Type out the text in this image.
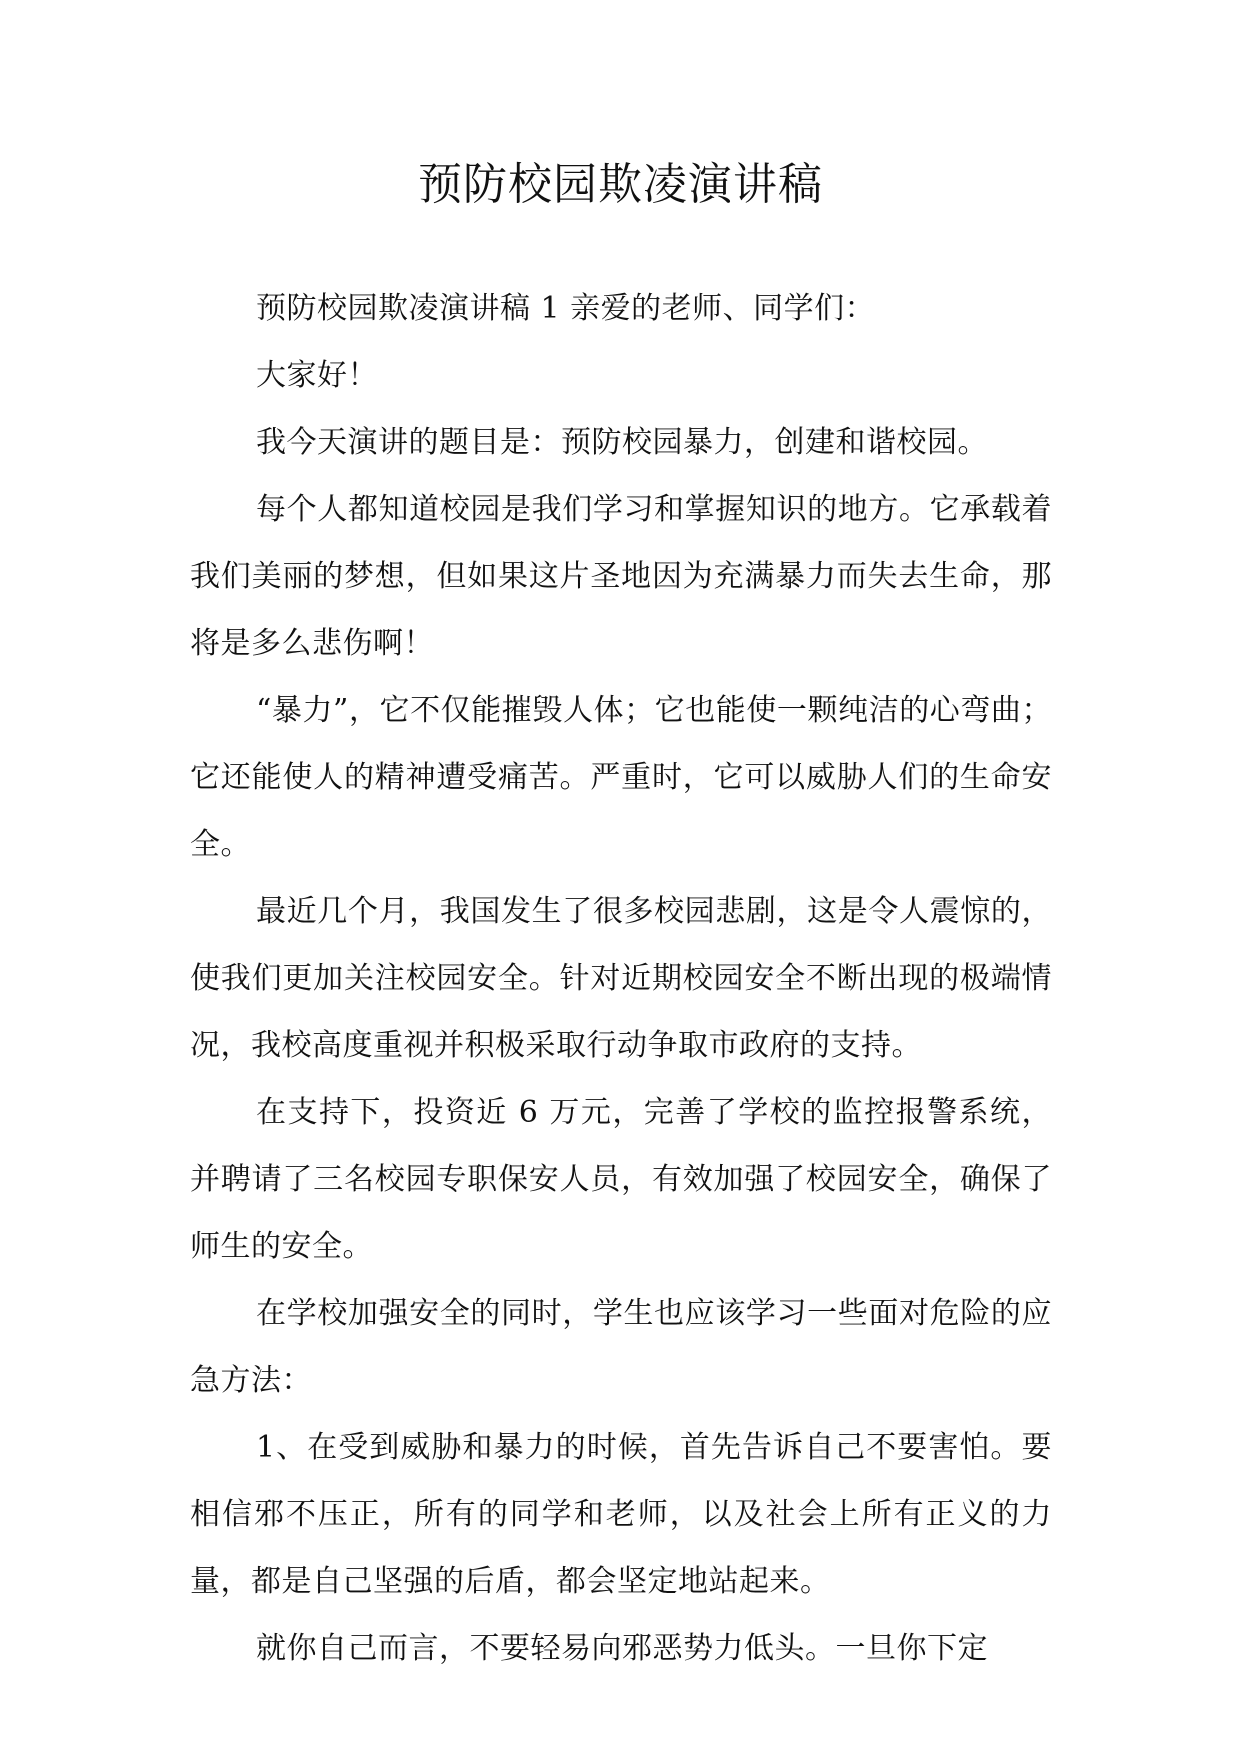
预防校园欺凌演讲稿

预防校园欺凌演讲稿 1 亲爱的老师、同学们：

大家好！

我今天演讲的题目是：预防校园暴力，创建和谐校园。

每个人都知道校园是我们学习和掌握知识的地方。它承载着我们美丽的梦想，但如果这片圣地因为充满暴力而失去生命，那将是多么悲伤啊！

“暴力”，它不仅能摧毁人体；它也能使一颗纯洁的心弯曲；它还能使人的精神遭受痛苦。严重时，它可以威胁人们的生命安全。

最近几个月，我国发生了很多校园悲剧，这是令人震惊的，使我们更加关注校园安全。针对近期校园安全不断出现的极端情况，我校高度重视并积极采取行动争取市政府的支持。

在支持下，投资近 6 万元，完善了学校的监控报警系统，并聘请了三名校园专职保安人员，有效加强了校园安全，确保了师生的安全。

在学校加强安全的同时，学生也应该学习一些面对危险的应急方法：

1、在受到威胁和暴力的时候，首先告诉自己不要害怕。要相信邪不压正，所有的同学和老师，以及社会上所有正义的力量，都是自己坚强的后盾，都会坚定地站起来。

就你自己而言，不要轻易向邪恶势力低头。一旦你下定
